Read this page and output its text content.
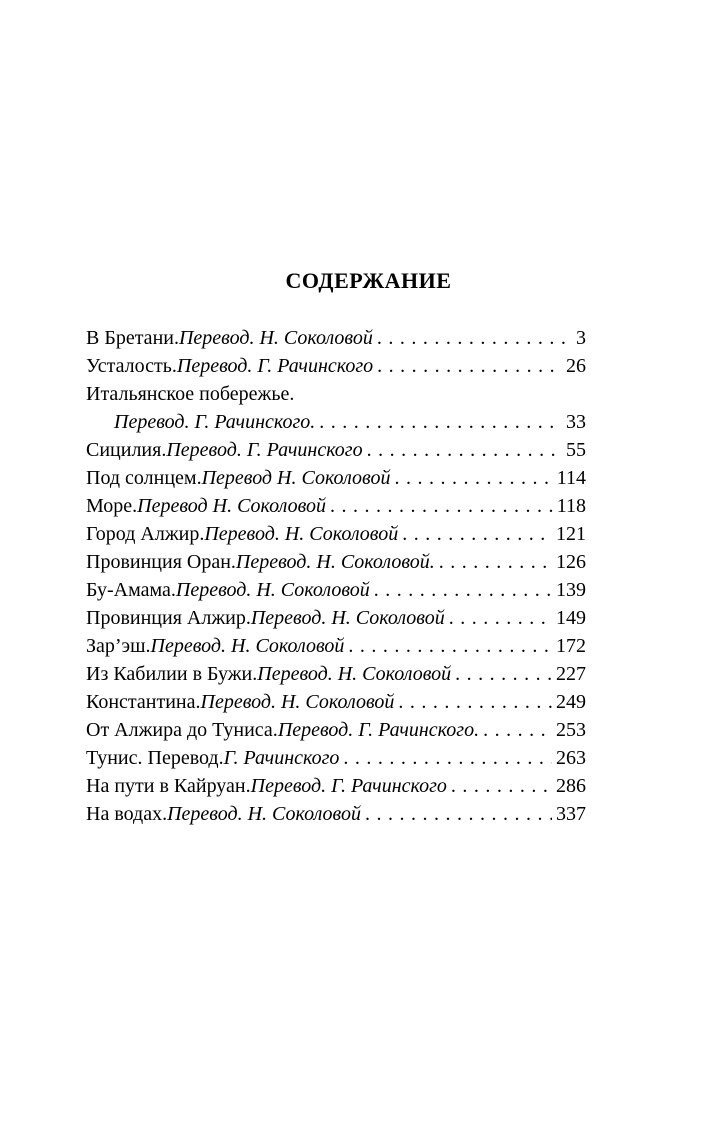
СОДЕРЖАНИЕ
В Бретани. Перевод. Н. Соколовой . . .	3
Усталость. Перевод. Г. Рачинского . . .	26
Итальянское побережье.
Перевод. Г. Рачинского. . . .	33
Сицилия. Перевод. Г. Рачинского . . .	55
Под солнцем. Перевод Н. Соколовой . . .	114
Море. Перевод Н. Соколовой . . .	118
Город Алжир. Перевод. Н. Соколовой . . .	121
Провинция Оран. Перевод. Н. Соколовой. . . .	126
Бу-Амама. Перевод. Н. Соколовой . . .	139
Провинция Алжир. Перевод. Н. Соколовой . . .	149
Зар’эш. Перевод. Н. Соколовой . . .	172
Из Кабилии в Бужи. Перевод. Н. Соколовой . . .	227
Константина. Перевод. Н. Соколовой . . .	249
От Алжира до Туниса. Перевод. Г. Рачинского. . . .	253
Тунис. Перевод. Г. Рачинского . . .	263
На пути в Кайруан. Перевод. Г. Рачинского . . .	286
На водах. Перевод. Н. Соколовой . . .	337
